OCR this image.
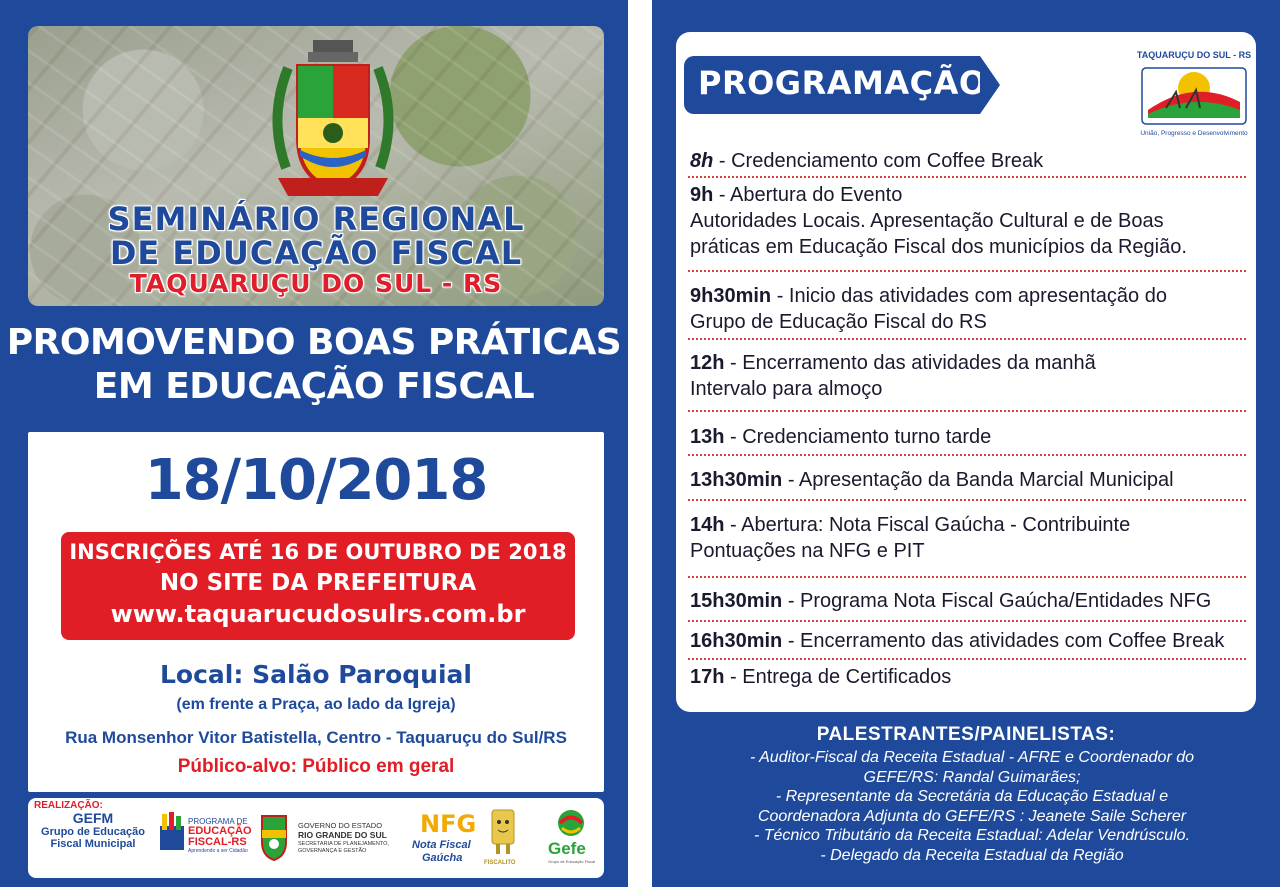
SEMINÁRIO REGIONAL
DE EDUCAÇÃO FISCAL
TAQUARUÇU DO SUL - RS
PROMOVENDO BOAS PRÁTICAS
EM EDUCAÇÃO FISCAL
18/10/2018
INSCRIÇÕES ATÉ 16 DE OUTUBRO DE 2018
NO SITE DA PREFEITURA
www.taquarucudosulrs.com.br
Local: Salão Paroquial
(em frente a Praça, ao lado da Igreja)
Rua Monsenhor Vitor Batistella, Centro - Taquaruçu do Sul/RS
Público-alvo: Público em geral
REALIZAÇÃO:
GEFM
Grupo de Educação
Fiscal Municipal
PROGRAMA DE
EDUCAÇÃO
FISCAL-RS
Aprendendo a ser Cidadão
GOVERNO DO ESTADO
RIO GRANDE DO SUL
SECRETARIA DE PLANEJAMENTO,
GOVERNANÇA E GESTÃO
NFG
Nota Fiscal
Gaúcha	FISCALITO
Gefe
Grupo de Educação Fiscal
PROGRAMAÇÃO
TAQUARUÇU DO SUL - RS
União, Progresso e Desenvolvimento
8h - Credenciamento com Coffee Break
9h - Abertura do Evento
Autoridades Locais. Apresentação Cultural e de Boas
práticas em Educação Fiscal dos municípios da Região.
9h30min - Inicio das atividades com apresentação do
Grupo de Educação Fiscal do RS
12h - Encerramento das atividades da manhã
Intervalo para almoço
13h - Credenciamento turno tarde
13h30min - Apresentação da Banda Marcial Municipal
14h - Abertura: Nota Fiscal Gaúcha - Contribuinte
Pontuações na NFG e PIT
15h30min - Programa Nota Fiscal Gaúcha/Entidades NFG
16h30min - Encerramento das atividades com Coffee Break
17h - Entrega de Certificados
PALESTRANTES/PAINELISTAS:
- Auditor-Fiscal da Receita Estadual - AFRE e Coordenador do
GEFE/RS: Randal Guimarães;
- Representante da Secretária da Educação Estadual e
Coordenadora Adjunta do GEFE/RS : Jeanete Saile Scherer
- Técnico Tributário da Receita Estadual: Adelar Vendrúsculo.
- Delegado da Receita Estadual da Região
